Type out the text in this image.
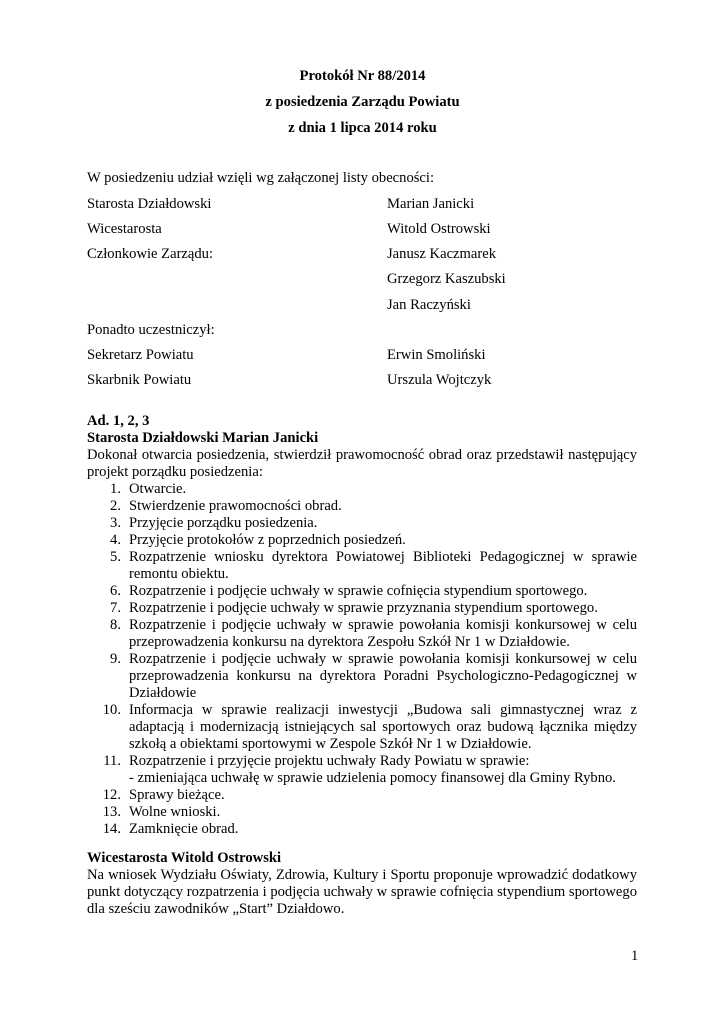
Protokół Nr 88/2014
z posiedzenia Zarządu Powiatu
z dnia 1 lipca 2014 roku
W posiedzeniu udział wzięli wg załączonej listy obecności:
Starosta Działdowski	Marian Janicki
Wicestarosta	Witold Ostrowski
Członkowie Zarządu:	Janusz Kaczmarek
Grzegorz Kaszubski
Jan Raczyński
Ponadto uczestniczył:
Sekretarz Powiatu	Erwin Smoliński
Skarbnik Powiatu	Urszula Wojtczyk
Ad. 1, 2, 3
Starosta Działdowski Marian Janicki
Dokonał otwarcia posiedzenia, stwierdził prawomocność obrad oraz przedstawił następujący projekt porządku posiedzenia:
1. Otwarcie.
2. Stwierdzenie prawomocności obrad.
3. Przyjęcie porządku posiedzenia.
4. Przyjęcie protokołów z poprzednich posiedzeń.
5. Rozpatrzenie wniosku dyrektora Powiatowej Biblioteki Pedagogicznej w sprawie remontu obiektu.
6. Rozpatrzenie i podjęcie uchwały w sprawie cofnięcia stypendium sportowego.
7. Rozpatrzenie i podjęcie uchwały w sprawie przyznania stypendium sportowego.
8. Rozpatrzenie i podjęcie uchwały w sprawie powołania komisji konkursowej w celu przeprowadzenia konkursu na dyrektora Zespołu Szkół Nr 1 w Działdowie.
9. Rozpatrzenie i podjęcie uchwały w sprawie powołania komisji konkursowej w celu przeprowadzenia konkursu na dyrektora Poradni Psychologiczno-Pedagogicznej w Działdowie
10. Informacja w sprawie realizacji inwestycji „Budowa sali gimnastycznej wraz z adaptacją i modernizacją istniejących sal sportowych oraz budową łącznika między szkołą a obiektami sportowymi w Zespole Szkół Nr 1 w Działdowie.
11. Rozpatrzenie i przyjęcie projektu uchwały Rady Powiatu w sprawie:
- zmieniająca uchwałę w sprawie udzielenia pomocy finansowej dla Gminy Rybno.
12. Sprawy bieżące.
13. Wolne wnioski.
14. Zamknięcie obrad.
Wicestarosta Witold Ostrowski
Na wniosek Wydziału Oświaty, Zdrowia, Kultury i Sportu proponuje wprowadzić dodatkowy punkt dotyczący rozpatrzenia i podjęcia uchwały w sprawie cofnięcia stypendium sportowego dla sześciu zawodników „Start” Działdowo.
1
